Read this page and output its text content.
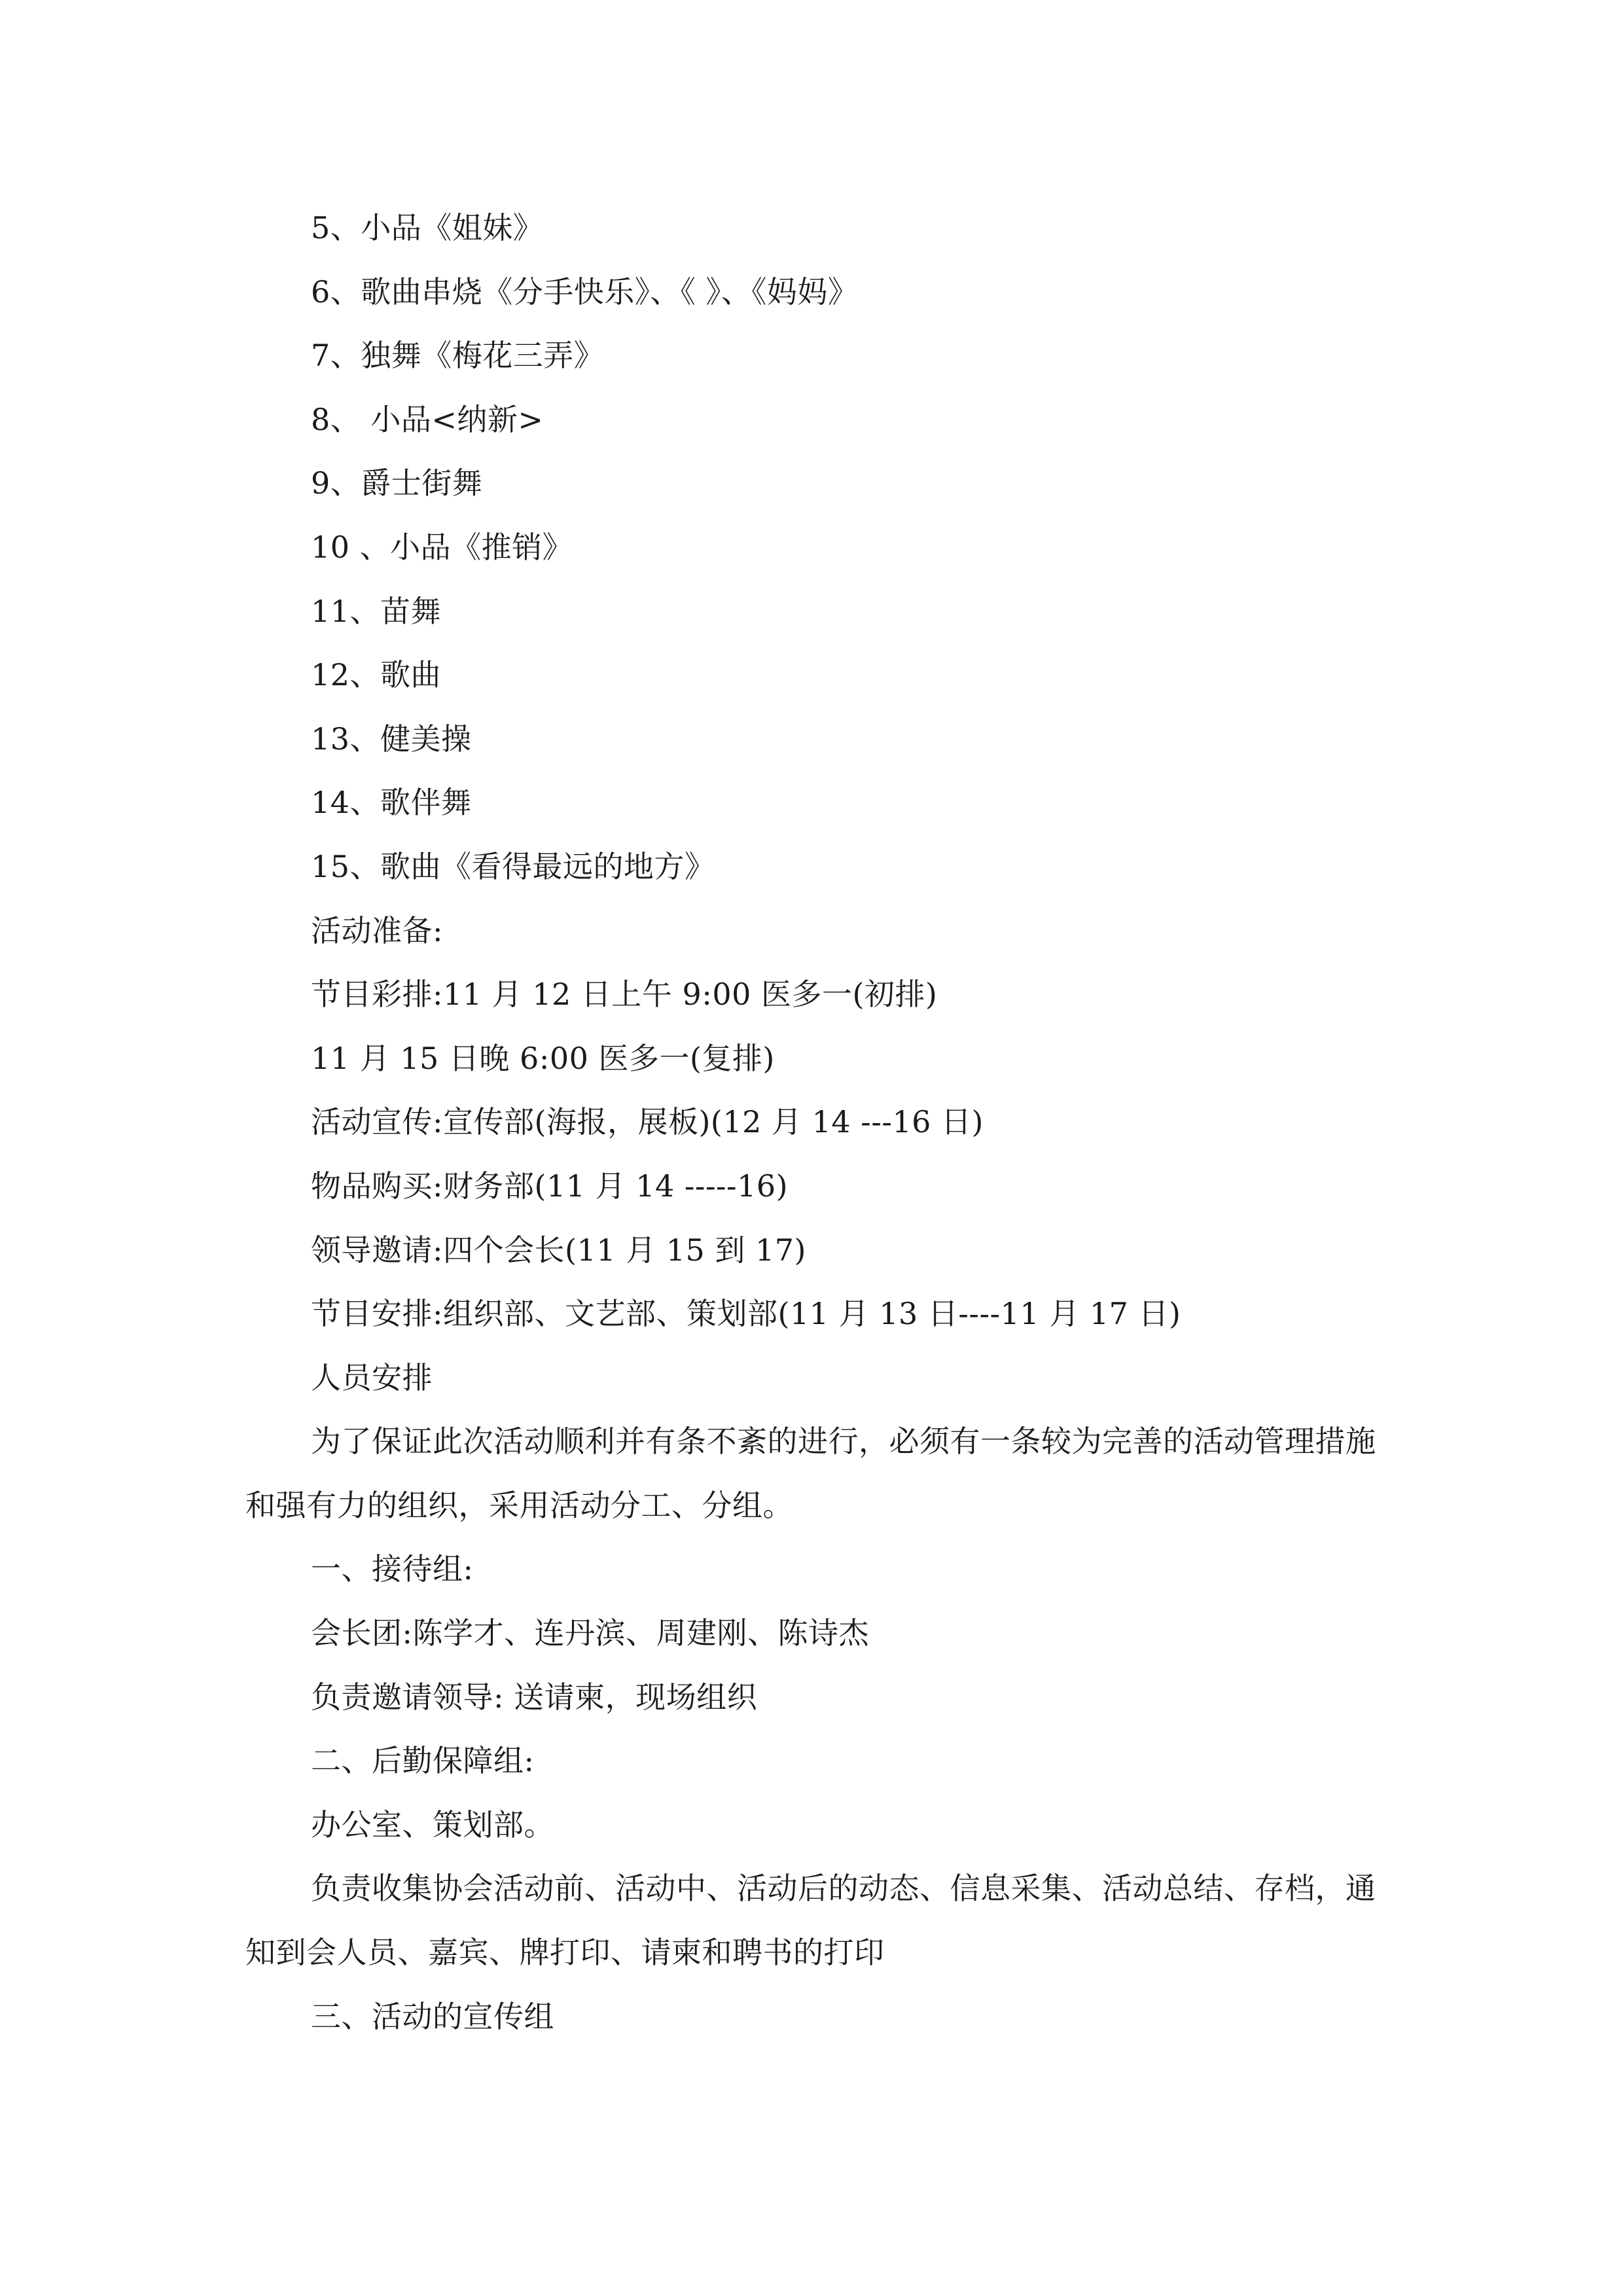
5、小品《姐妹》
6、歌曲串烧《分手快乐》、《 》、《妈妈》
7、独舞《梅花三弄》
8、 小品<纳新>
9、爵士街舞
10 、小品《推销》
11、苗舞
12、歌曲
13、健美操
14、歌伴舞
15、歌曲《看得最远的地方》
活动准备:
节目彩排:11 月 12 日上午 9:00 医多一(初排)
11 月 15 日晚 6:00 医多一(复排)
活动宣传:宣传部(海报，展板)(12 月 14 ---16 日)
物品购买:财务部(11 月 14 -----16)
领导邀请:四个会长(11 月 15 到 17)
节目安排:组织部、文艺部、策划部(11 月 13 日----11 月 17 日)
人员安排
为了保证此次活动顺利并有条不紊的进行，必须有一条较为完善的活动管理措施 和强有力的组织，采用活动分工、分组。
一、接待组:
会长团:陈学才、连丹滨、周建刚、陈诗杰
负责邀请领导: 送请柬，现场组织
二、后勤保障组:
办公室、策划部。
负责收集协会活动前、活动中、活动后的动态、信息采集、活动总结、存档，通知到会人员、嘉宾、牌打印、请柬和聘书的打印
三、活动的宣传组
